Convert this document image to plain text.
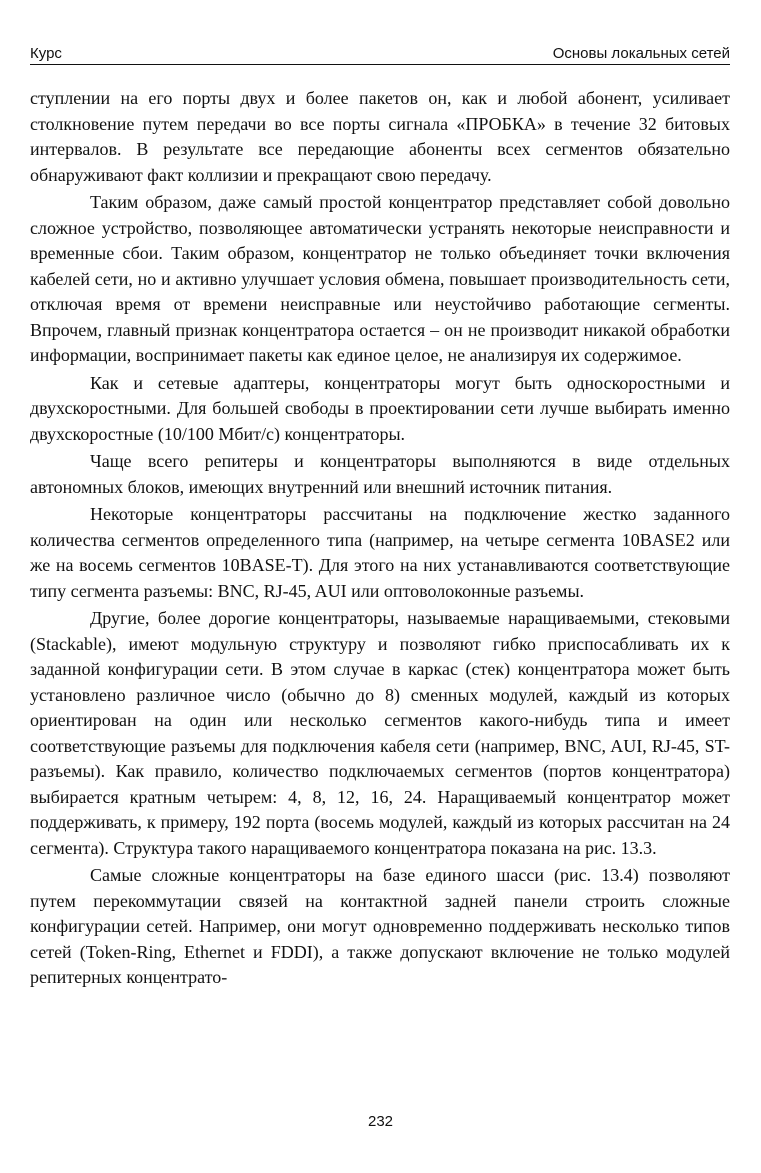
Курс	Основы локальных сетей

ступлении на его порты двух и более пакетов он, как и любой абонент, усиливает столкновение путем передачи во все порты сигнала «ПРОБКА» в течение 32 битовых интервалов. В результате все передающие абоненты всех сегментов обязательно обнаруживают факт коллизии и прекращают свою передачу.

Таким образом, даже самый простой концентратор представляет собой довольно сложное устройство, позволяющее автоматически устранять некоторые неисправности и временные сбои. Таким образом, концентратор не только объединяет точки включения кабелей сети, но и активно улучшает условия обмена, повышает производительность сети, отключая время от времени неисправные или неустойчиво работающие сегменты. Впрочем, главный признак концентратора остается – он не производит никакой обработки информации, воспринимает пакеты как единое целое, не анализируя их содержимое.

Как и сетевые адаптеры, концентраторы могут быть односкоростными и двухскоростными. Для большей свободы в проектировании сети лучше выбирать именно двухскоростные (10/100 Мбит/с) концентраторы.

Чаще всего репитеры и концентраторы выполняются в виде отдельных автономных блоков, имеющих внутренний или внешний источник питания.

Некоторые концентраторы рассчитаны на подключение жестко заданного количества сегментов определенного типа (например, на четыре сегмента 10BASE2 или же на восемь сегментов 10BASE-T). Для этого на них устанавливаются соответствующие типу сегмента разъемы: BNC, RJ-45, AUI или оптоволоконные разъемы.

Другие, более дорогие концентраторы, называемые наращиваемыми, стековыми (Stackable), имеют модульную структуру и позволяют гибко приспосабливать их к заданной конфигурации сети. В этом случае в каркас (стек) концентратора может быть установлено различное число (обычно до 8) сменных модулей, каждый из которых ориентирован на один или несколько сегментов какого-нибудь типа и имеет соответствующие разъемы для подключения кабеля сети (например, BNC, AUI, RJ-45, ST-разъемы). Как правило, количество подключаемых сегментов (портов концентратора) выбирается кратным четырем: 4, 8, 12, 16, 24. Наращиваемый концентратор может поддерживать, к примеру, 192 порта (восемь модулей, каждый из которых рассчитан на 24 сегмента). Структура такого наращиваемого концентратора показана на рис. 13.3.

Самые сложные концентраторы на базе единого шасси (рис. 13.4) позволяют путем перекоммутации связей на контактной задней панели строить сложные конфигурации сетей. Например, они могут одновременно поддерживать несколько типов сетей (Token-Ring, Ethernet и FDDI), а также допускают включение не только модулей репитерных концентрато-

232
